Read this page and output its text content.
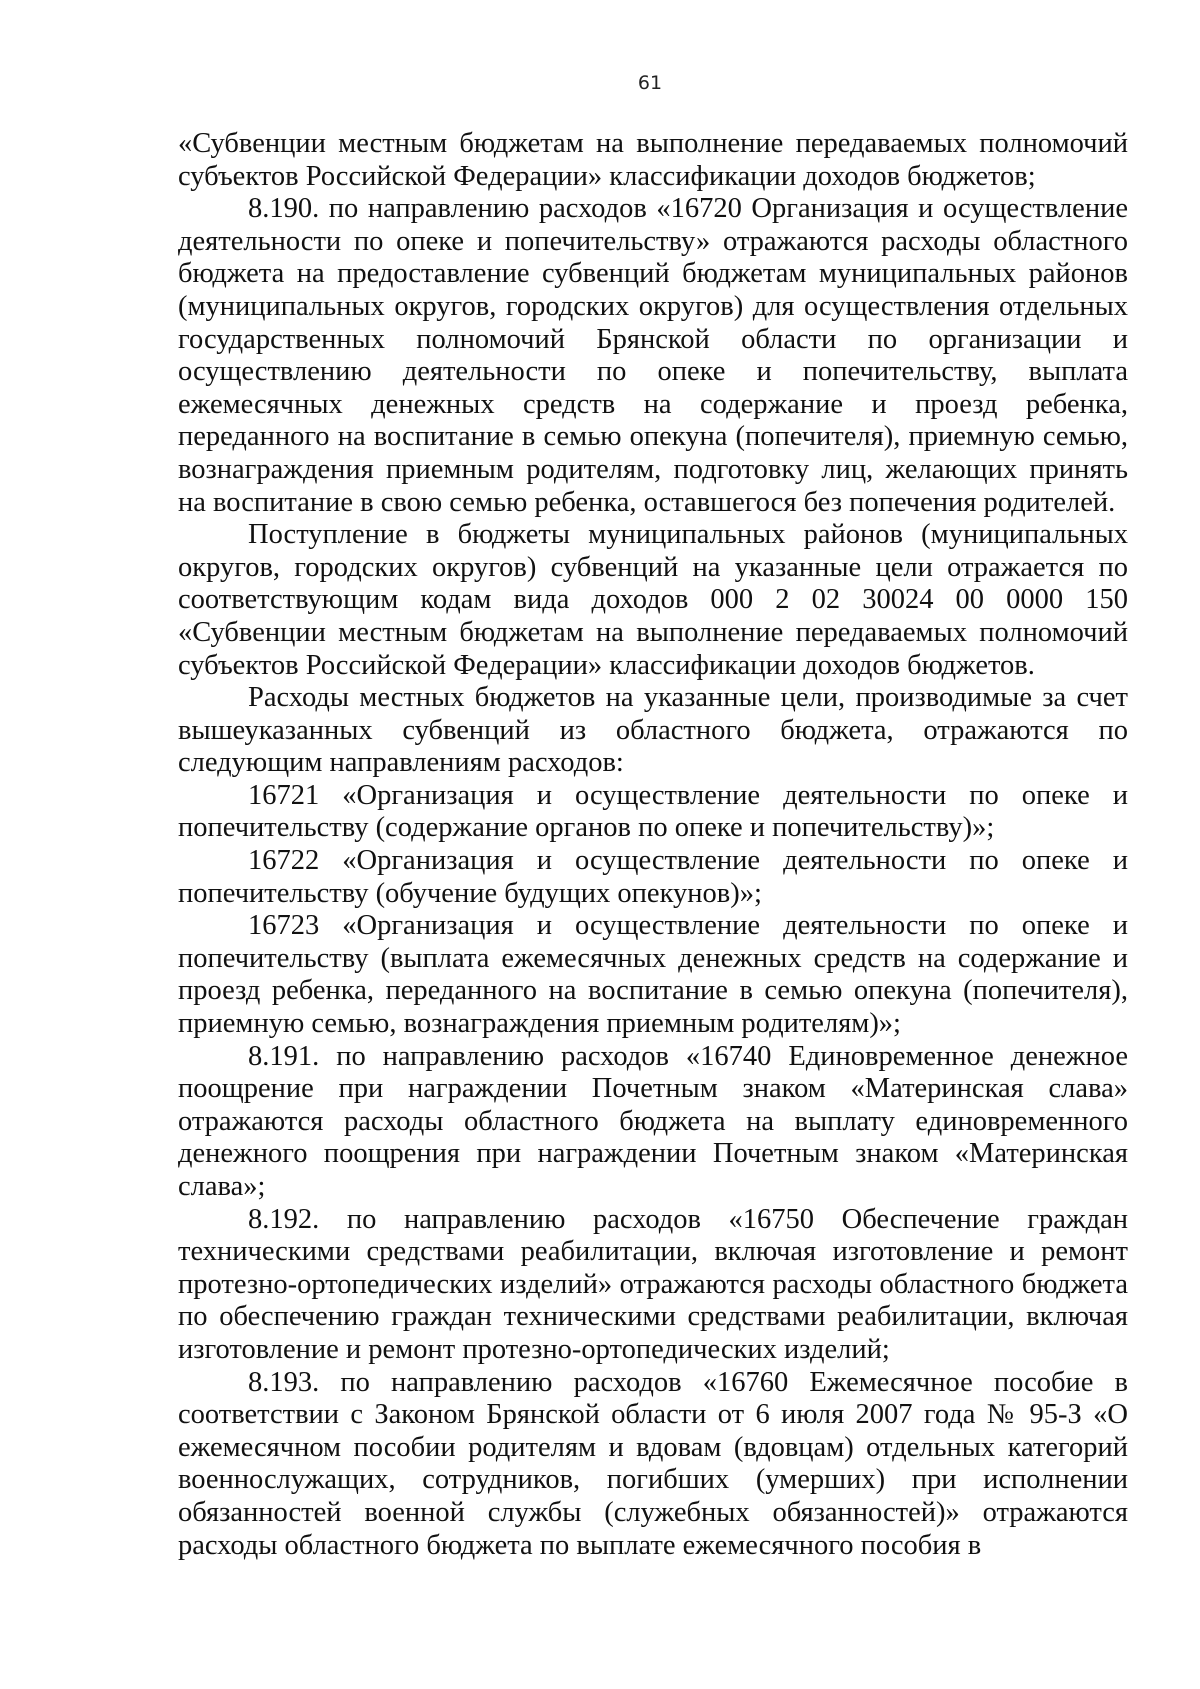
61

«Субвенции местным бюджетам на выполнение передаваемых полномочий субъектов Российской Федерации» классификации доходов бюджетов;

8.190. по направлению расходов «16720 Организация и осуществление деятельности по опеке и попечительству» отражаются расходы областного бюджета на предоставление субвенций бюджетам муниципальных районов (муниципальных округов, городских округов) для осуществления отдельных государственных полномочий Брянской области по организации и осуществлению деятельности по опеке и попечительству, выплата ежемесячных денежных средств на содержание и проезд ребенка, переданного на воспитание в семью опекуна (попечителя), приемную семью, вознаграждения приемным родителям, подготовку лиц, желающих принять на воспитание в свою семью ребенка, оставшегося без попечения родителей.

Поступление в бюджеты муниципальных районов (муниципальных округов, городских округов) субвенций на указанные цели отражается по соответствующим кодам вида доходов 000 2 02 30024 00 0000 150 «Субвенции местным бюджетам на выполнение передаваемых полномочий субъектов Российской Федерации» классификации доходов бюджетов.

Расходы местных бюджетов на указанные цели, производимые за счет вышеуказанных субвенций из областного бюджета, отражаются по следующим направлениям расходов:

16721 «Организация и осуществление деятельности по опеке и попечительству (содержание органов по опеке и попечительству)»;

16722 «Организация и осуществление деятельности по опеке и попечительству (обучение будущих опекунов)»;

16723 «Организация и осуществление деятельности по опеке и попечительству (выплата ежемесячных денежных средств на содержание и проезд ребенка, переданного на воспитание в семью опекуна (попечителя), приемную семью, вознаграждения приемным родителям)»;

8.191. по направлению расходов «16740 Единовременное денежное поощрение при награждении Почетным знаком «Материнская слава» отражаются расходы областного бюджета на выплату единовременного денежного поощрения при награждении Почетным знаком «Материнская слава»;

8.192. по направлению расходов «16750 Обеспечение граждан техническими средствами реабилитации, включая изготовление и ремонт протезно-ортопедических изделий» отражаются расходы областного бюджета по обеспечению граждан техническими средствами реабилитации, включая изготовление и ремонт протезно-ортопедических изделий;

8.193. по направлению расходов «16760 Ежемесячное пособие в соответствии с Законом Брянской области от 6 июля 2007 года № 95-З «О ежемесячном пособии родителям и вдовам (вдовцам) отдельных категорий военнослужащих, сотрудников, погибших (умерших) при исполнении обязанностей военной службы (служебных обязанностей)» отражаются расходы областного бюджета по выплате ежемесячного пособия в
